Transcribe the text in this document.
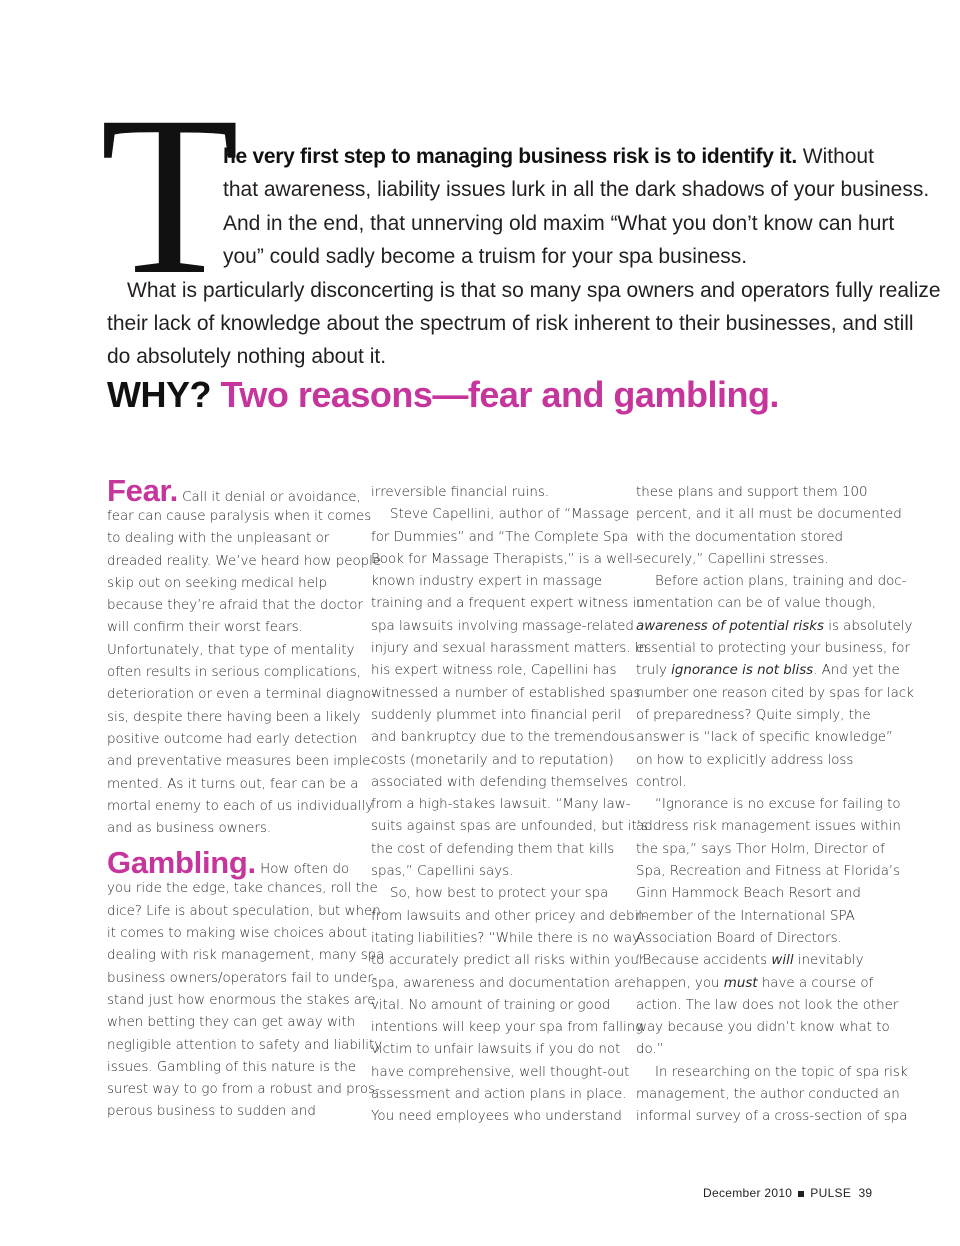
T
he very first step to managing business risk is to identify it. Without
that awareness, liability issues lurk in all the dark shadows of your business.
And in the end, that unnerving old maxim “What you don’t know can hurt
you” could sadly become a truism for your spa business.
What is particularly disconcerting is that so many spa owners and operators fully realize
their lack of knowledge about the spectrum of risk inherent to their businesses, and still
do absolutely nothing about it.
WHY? Two reasons—fear and gambling.
Fear. Call it denial or avoidance,
fear can cause paralysis when it comes
to dealing with the unpleasant or
dreaded reality. We’ve heard how people
skip out on seeking medical help
because they’re afraid that the doctor
will confirm their worst fears.
Unfortunately, that type of mentality
often results in serious complications,
deterioration or even a terminal diagno-
sis, despite there having been a likely
positive outcome had early detection
and preventative measures been imple-
mented. As it turns out, fear can be a
mortal enemy to each of us individually
and as business owners.
Gambling. How often do
you ride the edge, take chances, roll the
dice? Life is about speculation, but when
it comes to making wise choices about
dealing with risk management, many spa
business owners/operators fail to under-
stand just how enormous the stakes are
when betting they can get away with
negligible attention to safety and liability
issues. Gambling of this nature is the
surest way to go from a robust and pros-
perous business to sudden and
irreversible financial ruins.
Steve Capellini, author of “Massage
for Dummies” and “The Complete Spa
Book for Massage Therapists,” is a well-
known industry expert in massage
training and a frequent expert witness in
spa lawsuits involving massage-related
injury and sexual harassment matters. In
his expert witness role, Capellini has
witnessed a number of established spas
suddenly plummet into financial peril
and bankruptcy due to the tremendous
costs (monetarily and to reputation)
associated with defending themselves
from a high-stakes lawsuit. “Many law-
suits against spas are unfounded, but it’s
the cost of defending them that kills
spas,” Capellini says.
So, how best to protect your spa
from lawsuits and other pricey and debil-
itating liabilities? “While there is no way
to accurately predict all risks within your
spa, awareness and documentation are
vital. No amount of training or good
intentions will keep your spa from falling
victim to unfair lawsuits if you do not
have comprehensive, well thought-out
assessment and action plans in place.
You need employees who understand
these plans and support them 100
percent, and it all must be documented
with the documentation stored
securely,” Capellini stresses.
Before action plans, training and doc-
umentation can be of value though,
awareness of potential risks is absolutely
essential to protecting your business, for
truly ignorance is not bliss. And yet the
number one reason cited by spas for lack
of preparedness? Quite simply, the
answer is “lack of specific knowledge”
on how to explicitly address loss
control.
“Ignorance is no excuse for failing to
address risk management issues within
the spa,” says Thor Holm, Director of
Spa, Recreation and Fitness at Florida’s
Ginn Hammock Beach Resort and
member of the International SPA
Association Board of Directors.
“Because accidents will inevitably
happen, you must have a course of
action. The law does not look the other
way because you didn’t know what to
do.”
In researching on the topic of spa risk
management, the author conducted an
informal survey of a cross-section of spa
December 2010 PULSE 39
